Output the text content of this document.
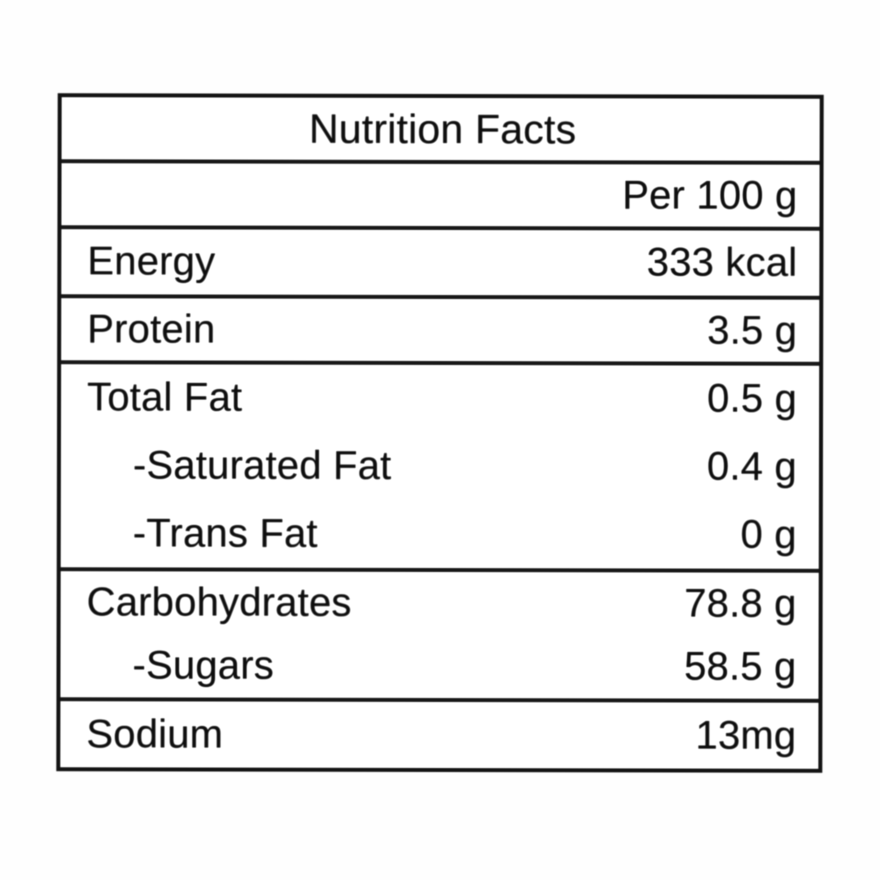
Nutrition Facts
Per 100 g
Energy	333 kcal
Protein	3.5 g
Total Fat	0.5 g
-Saturated Fat	0.4 g
-Trans Fat	0 g
Carbohydrates	78.8 g
-Sugars	58.5 g
Sodium	13mg
